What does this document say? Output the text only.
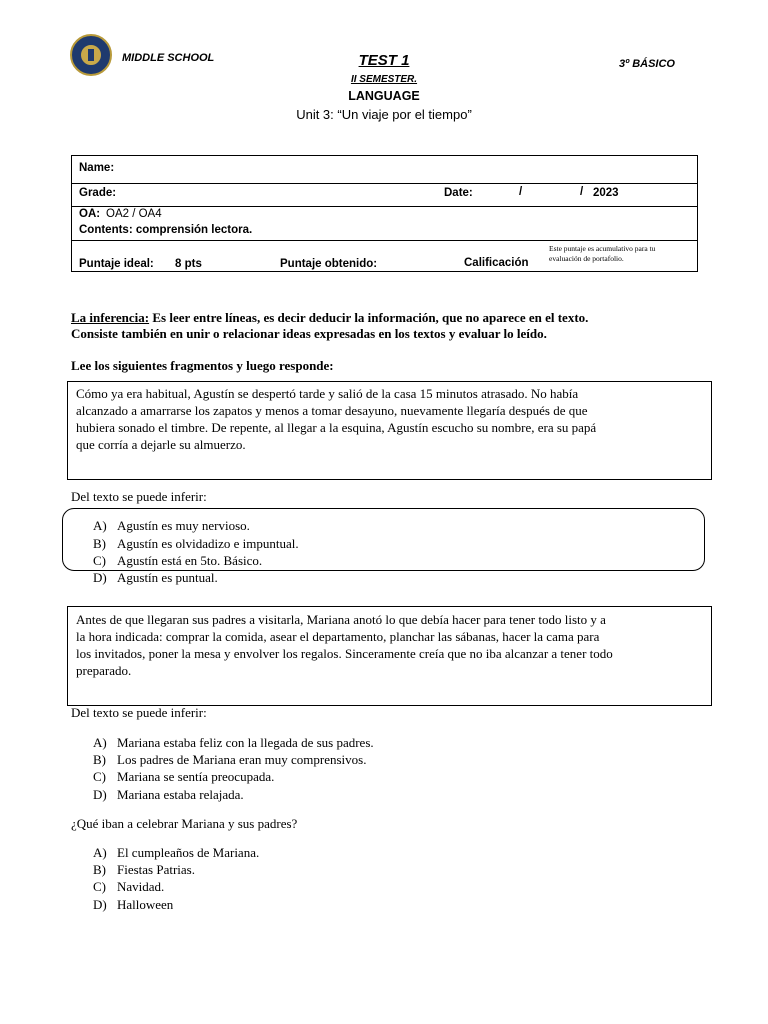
MIDDLE SCHOOL	3º BÁSICO
TEST 1
II SEMESTER.
LANGUAGE
Unit 3: “Un viaje por el tiempo”
Name:
Grade:	Date:	/	/ 2023
OA: OA2 / OA4
Contents: comprensión lectora.
Puntaje ideal: 8 pts	Puntaje obtenido:	Calificación
Este puntaje es acumulativo para tu
evaluación de portafolio.
La inferencia: Es leer entre líneas, es decir deducir la información, que no aparece en el texto.
Consiste también en unir o relacionar ideas expresadas en los textos y evaluar lo leído.
Lee los siguientes fragmentos y luego responde:
Cómo ya era habitual, Agustín se despertó tarde y salió de la casa 15 minutos atrasado. No había
alcanzado a amarrarse los zapatos y menos a tomar desayuno, nuevamente llegaría después de que
hubiera sonado el timbre. De repente, al llegar a la esquina, Agustín escucho su nombre, era su papá
que corría a dejarle su almuerzo.
Del texto se puede inferir:
A) Agustín es muy nervioso.
B) Agustín es olvidadizo e impuntual.
C) Agustín está en 5to. Básico.
D) Agustín es puntual.
Antes de que llegaran sus padres a visitarla, Mariana anotó lo que debía hacer para tener todo listo y a
la hora indicada: comprar la comida, asear el departamento, planchar las sábanas, hacer la cama para
los invitados, poner la mesa y envolver los regalos. Sinceramente creía que no iba alcanzar a tener todo
preparado.
Del texto se puede inferir:
A) Mariana estaba feliz con la llegada de sus padres.
B) Los padres de Mariana eran muy comprensivos.
C) Mariana se sentía preocupada.
D) Mariana estaba relajada.
¿Qué iban a celebrar Mariana y sus padres?
A) El cumpleaños de Mariana.
B) Fiestas Patrias.
C) Navidad.
D) Halloween
